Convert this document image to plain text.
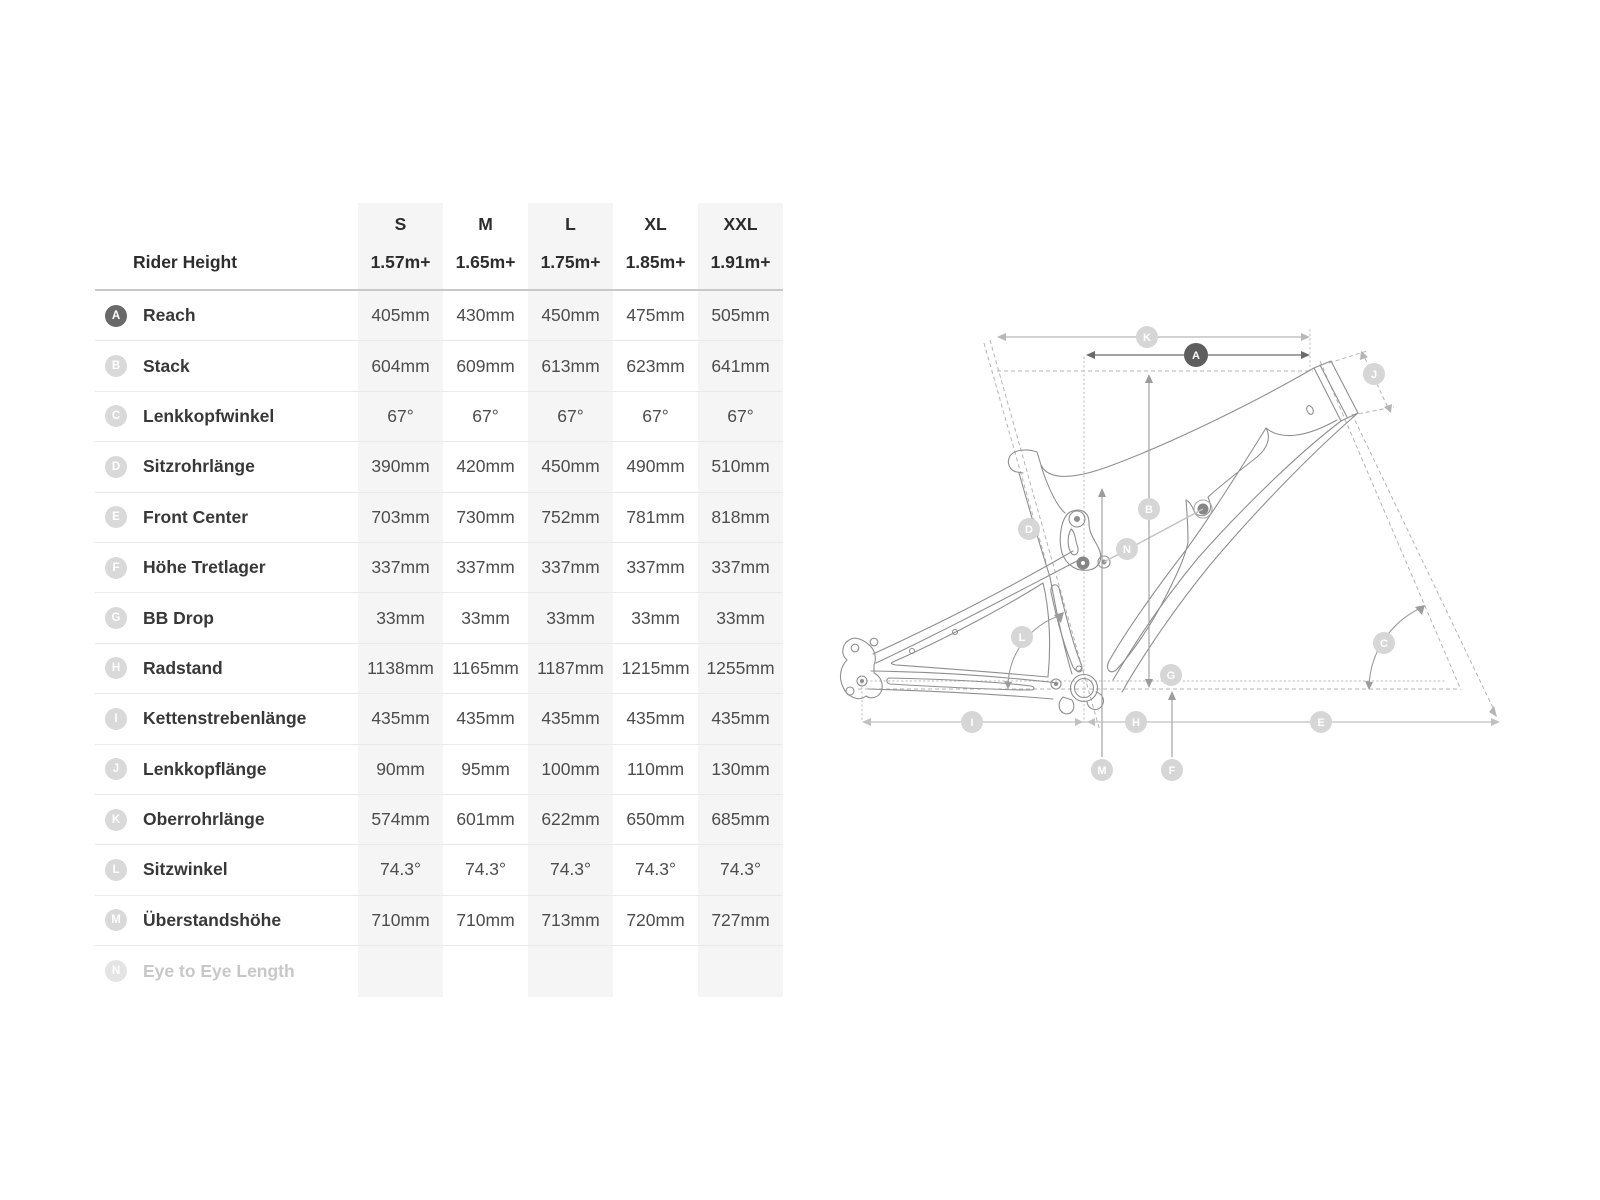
S	M	L	XL	XXL
Rider Height	1.57m+	1.65m+	1.75m+	1.85m+	1.91m+
A	Reach	405mm	430mm	450mm	475mm	505mm
B	Stack	604mm	609mm	613mm	623mm	641mm
C	Lenkkopfwinkel	67°	67°	67°	67°	67°
D	Sitzrohrlänge	390mm	420mm	450mm	490mm	510mm
E	Front Center	703mm	730mm	752mm	781mm	818mm
F	Höhe Tretlager	337mm	337mm	337mm	337mm	337mm
G	BB Drop	33mm	33mm	33mm	33mm	33mm
H	Radstand	1138mm	1165mm	1187mm	1215mm 1255mm
I	Kettenstrebenlänge	435mm	435mm	435mm	435mm	435mm
J	Lenkkopflänge	90mm	95mm	100mm	110mm	130mm
K	Oberrohrlänge	574mm	601mm	622mm	650mm	685mm
L	Sitzwinkel	74.3°	74.3°	74.3°	74.3°	74.3°
M	Überstandshöhe	710mm	710mm	713mm	720mm	727mm
N	Eye to Eye Length
K
A
J
B
D
N
L	C
G
I	H	E
M	F
